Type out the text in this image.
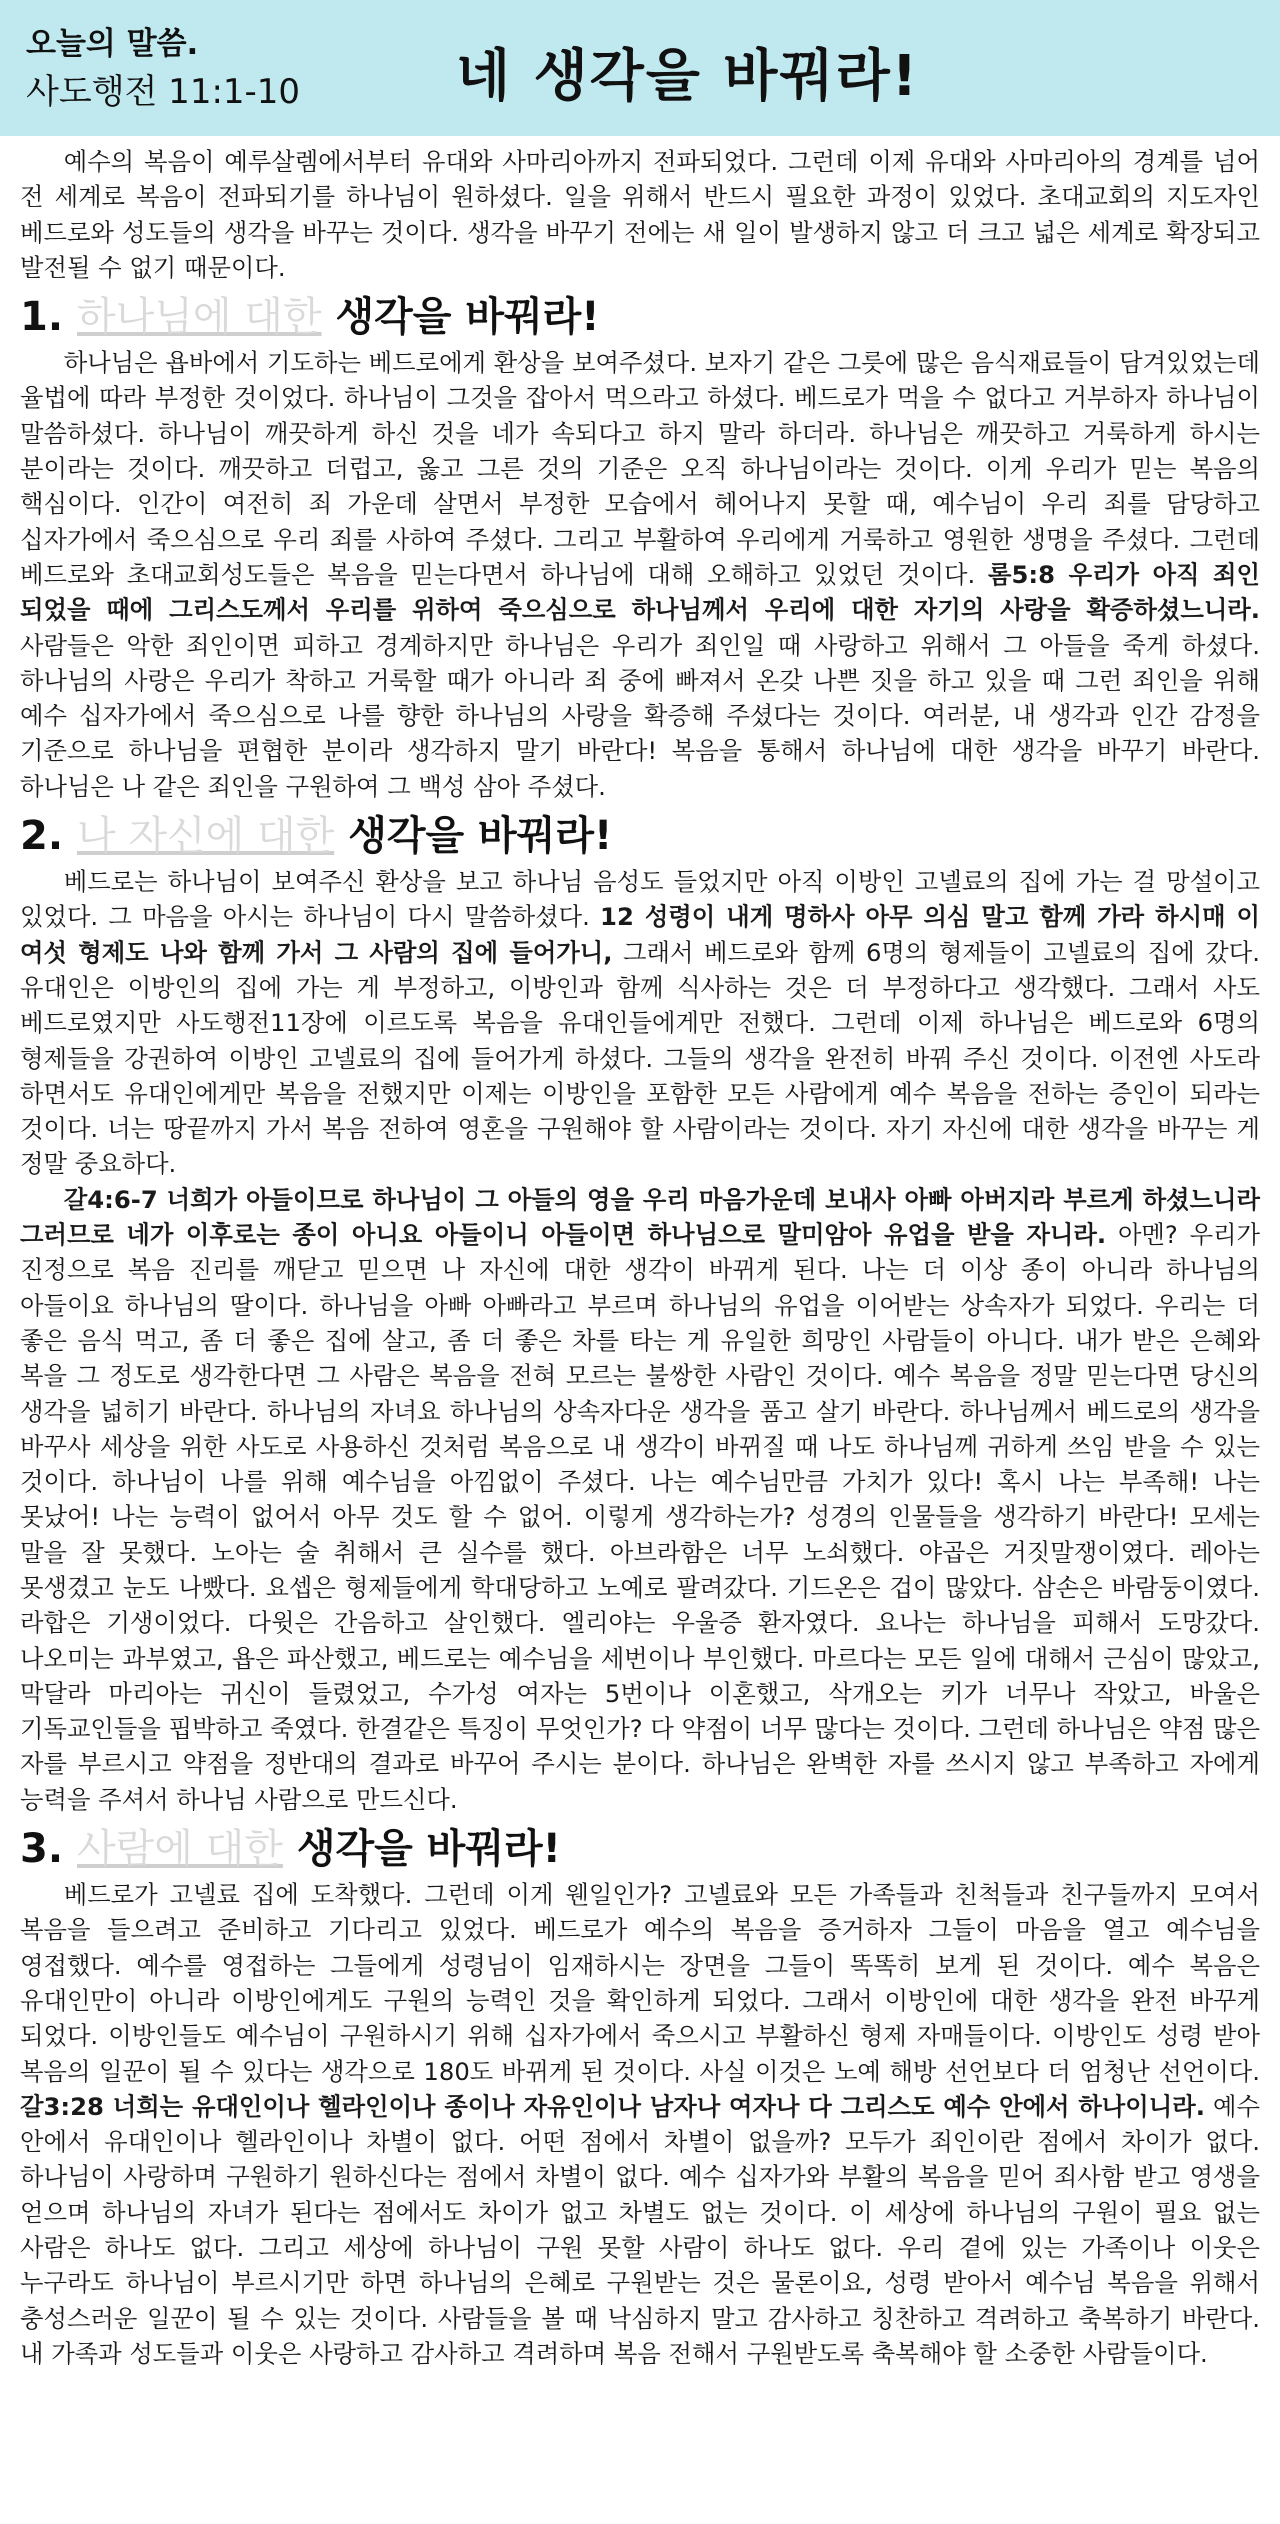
오늘의 말씀.
사도행전 11:1-10	네 생각을 바꿔라!

예수의 복음이 예루살렘에서부터 유대와 사마리아까지 전파되었다. 그런데 이제 유대와 사마리아의 경계를 넘어 전 세계로 복음이 전파되기를 하나님이 원하셨다. 일을 위해서 반드시 필요한 과정이 있었다. 초대교회의 지도자인 베드로와 성도들의 생각을 바꾸는 것이다. 생각을 바꾸기 전에는 새 일이 발생하지 않고 더 크고 넓은 세계로 확장되고 발전될 수 없기 때문이다.

1. 하나님에 대한 생각을 바꿔라!

하나님은 욥바에서 기도하는 베드로에게 환상을 보여주셨다. 보자기 같은 그릇에 많은 음식재료들이 담겨있었는데 율법에 따라 부정한 것이었다. 하나님이 그것을 잡아서 먹으라고 하셨다. 베드로가 먹을 수 없다고 거부하자 하나님이 말씀하셨다. 하나님이 깨끗하게 하신 것을 네가 속되다고 하지 말라 하더라. 하나님은 깨끗하고 거룩하게 하시는 분이라는 것이다. 깨끗하고 더럽고, 옳고 그른 것의 기준은 오직 하나님이라는 것이다. 이게 우리가 믿는 복음의 핵심이다. 인간이 여전히 죄 가운데 살면서 부정한 모습에서 헤어나지 못할 때, 예수님이 우리 죄를 담당하고 십자가에서 죽으심으로 우리 죄를 사하여 주셨다. 그리고 부활하여 우리에게 거룩하고 영원한 생명을 주셨다. 그런데 베드로와 초대교회성도들은 복음을 믿는다면서 하나님에 대해 오해하고 있었던 것이다. 롬5:8 우리가 아직 죄인 되었을 때에 그리스도께서 우리를 위하여 죽으심으로 하나님께서 우리에 대한 자기의 사랑을 확증하셨느니라. 사람들은 악한 죄인이면 피하고 경계하지만 하나님은 우리가 죄인일 때 사랑하고 위해서 그 아들을 죽게 하셨다. 하나님의 사랑은 우리가 착하고 거룩할 때가 아니라 죄 중에 빠져서 온갖 나쁜 짓을 하고 있을 때 그런 죄인을 위해 예수 십자가에서 죽으심으로 나를 향한 하나님의 사랑을 확증해 주셨다는 것이다. 여러분, 내 생각과 인간 감정을 기준으로 하나님을 편협한 분이라 생각하지 말기 바란다! 복음을 통해서 하나님에 대한 생각을 바꾸기 바란다. 하나님은 나 같은 죄인을 구원하여 그 백성 삼아 주셨다.

2. 나 자신에 대한 생각을 바꿔라!

베드로는 하나님이 보여주신 환상을 보고 하나님 음성도 들었지만 아직 이방인 고넬료의 집에 가는 걸 망설이고 있었다. 그 마음을 아시는 하나님이 다시 말씀하셨다. 12 성령이 내게 명하사 아무 의심 말고 함께 가라 하시매 이 여섯 형제도 나와 함께 가서 그 사람의 집에 들어가니, 그래서 베드로와 함께 6명의 형제들이 고넬료의 집에 갔다. 유대인은 이방인의 집에 가는 게 부정하고, 이방인과 함께 식사하는 것은 더 부정하다고 생각했다. 그래서 사도 베드로였지만 사도행전11장에 이르도록 복음을 유대인들에게만 전했다. 그런데 이제 하나님은 베드로와 6명의 형제들을 강권하여 이방인 고넬료의 집에 들어가게 하셨다. 그들의 생각을 완전히 바꿔 주신 것이다. 이전엔 사도라 하면서도 유대인에게만 복음을 전했지만 이제는 이방인을 포함한 모든 사람에게 예수 복음을 전하는 증인이 되라는 것이다. 너는 땅끝까지 가서 복음 전하여 영혼을 구원해야 할 사람이라는 것이다. 자기 자신에 대한 생각을 바꾸는 게 정말 중요하다.

갈4:6-7 너희가 아들이므로 하나님이 그 아들의 영을 우리 마음가운데 보내사 아빠 아버지라 부르게 하셨느니라 그러므로 네가 이후로는 종이 아니요 아들이니 아들이면 하나님으로 말미암아 유업을 받을 자니라. 아멘? 우리가 진정으로 복음 진리를 깨닫고 믿으면 나 자신에 대한 생각이 바뀌게 된다. 나는 더 이상 종이 아니라 하나님의 아들이요 하나님의 딸이다. 하나님을 아빠 아빠라고 부르며 하나님의 유업을 이어받는 상속자가 되었다. 우리는 더 좋은 음식 먹고, 좀 더 좋은 집에 살고, 좀 더 좋은 차를 타는 게 유일한 희망인 사람들이 아니다. 내가 받은 은혜와 복을 그 정도로 생각한다면 그 사람은 복음을 전혀 모르는 불쌍한 사람인 것이다. 예수 복음을 정말 믿는다면 당신의 생각을 넓히기 바란다. 하나님의 자녀요 하나님의 상속자다운 생각을 품고 살기 바란다. 하나님께서 베드로의 생각을 바꾸사 세상을 위한 사도로 사용하신 것처럼 복음으로 내 생각이 바뀌질 때 나도 하나님께 귀하게 쓰임 받을 수 있는 것이다. 하나님이 나를 위해 예수님을 아낌없이 주셨다. 나는 예수님만큼 가치가 있다! 혹시 나는 부족해! 나는 못났어! 나는 능력이 없어서 아무 것도 할 수 없어. 이렇게 생각하는가? 성경의 인물들을 생각하기 바란다! 모세는 말을 잘 못했다. 노아는 술 취해서 큰 실수를 했다. 아브라함은 너무 노쇠했다. 야곱은 거짓말쟁이였다. 레아는 못생겼고 눈도 나빴다. 요셉은 형제들에게 학대당하고 노예로 팔려갔다. 기드온은 겁이 많았다. 삼손은 바람둥이였다. 라합은 기생이었다. 다윗은 간음하고 살인했다. 엘리야는 우울증 환자였다. 요나는 하나님을 피해서 도망갔다. 나오미는 과부였고, 욥은 파산했고, 베드로는 예수님을 세번이나 부인했다. 마르다는 모든 일에 대해서 근심이 많았고, 막달라 마리아는 귀신이 들렸었고, 수가성 여자는 5번이나 이혼했고, 삭개오는 키가 너무나 작았고, 바울은 기독교인들을 핍박하고 죽였다. 한결같은 특징이 무엇인가? 다 약점이 너무 많다는 것이다. 그런데 하나님은 약점 많은 자를 부르시고 약점을 정반대의 결과로 바꾸어 주시는 분이다. 하나님은 완벽한 자를 쓰시지 않고 부족하고 자에게 능력을 주셔서 하나님 사람으로 만드신다.

3. 사람에 대한 생각을 바꿔라!

베드로가 고넬료 집에 도착했다. 그런데 이게 웬일인가? 고넬료와 모든 가족들과 친척들과 친구들까지 모여서 복음을 들으려고 준비하고 기다리고 있었다. 베드로가 예수의 복음을 증거하자 그들이 마음을 열고 예수님을 영접했다. 예수를 영접하는 그들에게 성령님이 임재하시는 장면을 그들이 똑똑히 보게 된 것이다. 예수 복음은 유대인만이 아니라 이방인에게도 구원의 능력인 것을 확인하게 되었다. 그래서 이방인에 대한 생각을 완전 바꾸게 되었다. 이방인들도 예수님이 구원하시기 위해 십자가에서 죽으시고 부활하신 형제 자매들이다. 이방인도 성령 받아 복음의 일꾼이 될 수 있다는 생각으로 180도 바뀌게 된 것이다. 사실 이것은 노예 해방 선언보다 더 엄청난 선언이다. 갈3:28 너희는 유대인이나 헬라인이나 종이나 자유인이나 남자나 여자나 다 그리스도 예수 안에서 하나이니라. 예수 안에서 유대인이나 헬라인이나 차별이 없다. 어떤 점에서 차별이 없을까? 모두가 죄인이란 점에서 차이가 없다. 하나님이 사랑하며 구원하기 원하신다는 점에서 차별이 없다. 예수 십자가와 부활의 복음을 믿어 죄사함 받고 영생을 얻으며 하나님의 자녀가 된다는 점에서도 차이가 없고 차별도 없는 것이다. 이 세상에 하나님의 구원이 필요 없는 사람은 하나도 없다. 그리고 세상에 하나님이 구원 못할 사람이 하나도 없다. 우리 곁에 있는 가족이나 이웃은 누구라도 하나님이 부르시기만 하면 하나님의 은혜로 구원받는 것은 물론이요, 성령 받아서 예수님 복음을 위해서 충성스러운 일꾼이 될 수 있는 것이다. 사람들을 볼 때 낙심하지 말고 감사하고 칭찬하고 격려하고 축복하기 바란다. 내 가족과 성도들과 이웃은 사랑하고 감사하고 격려하며 복음 전해서 구원받도록 축복해야 할 소중한 사람들이다.
